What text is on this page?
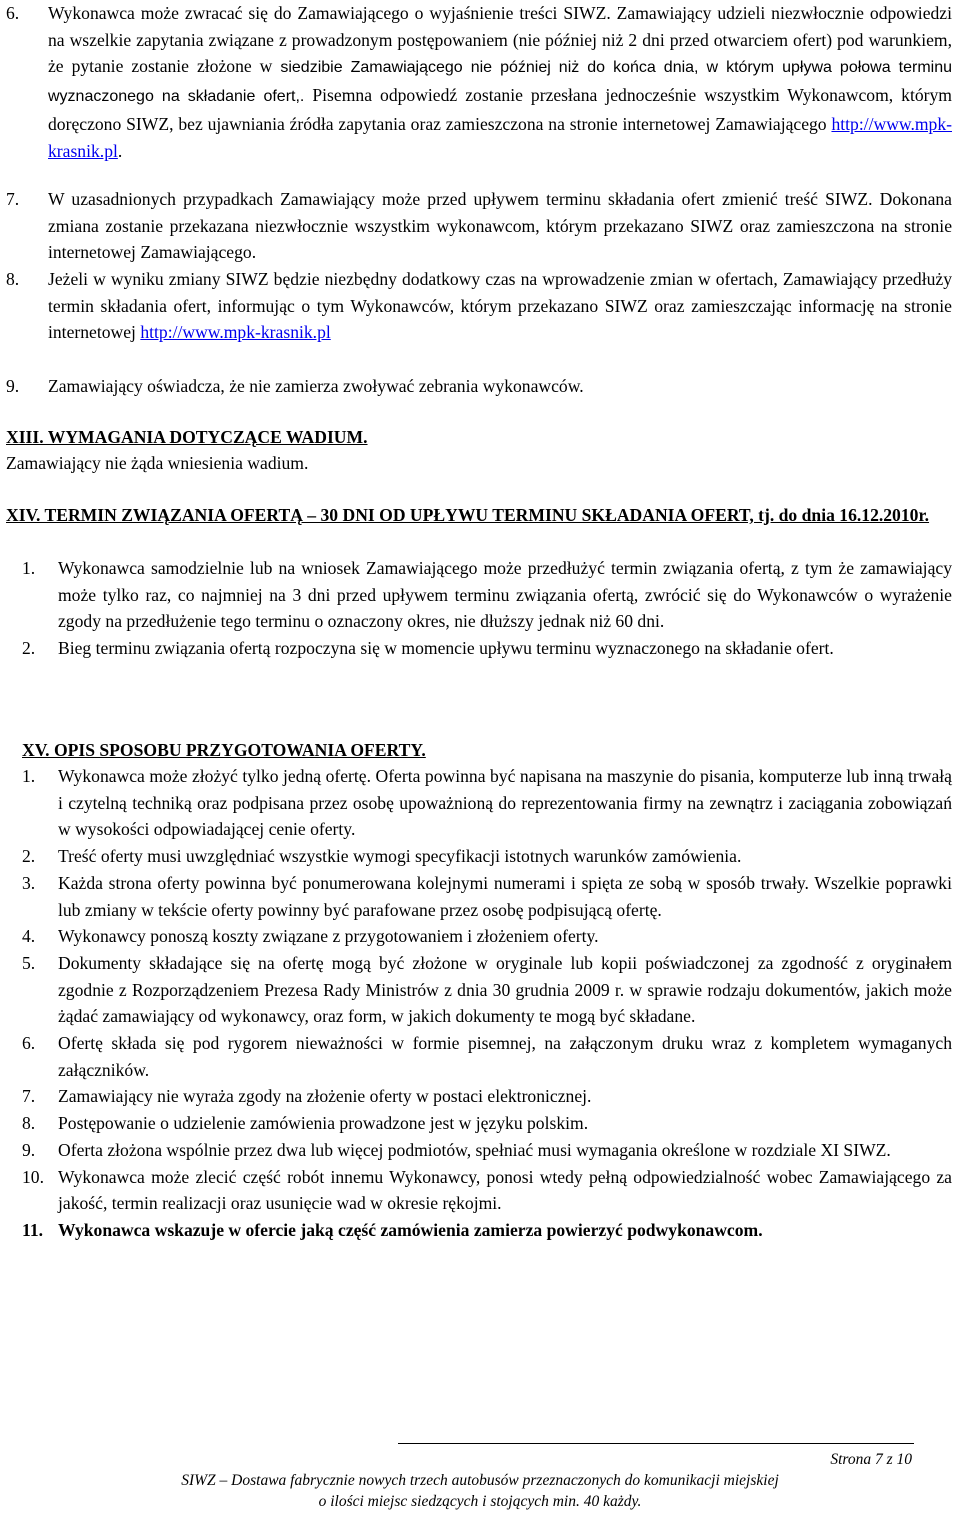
6.	Wykonawca może zwracać się do Zamawiającego o wyjaśnienie treści SIWZ. Zamawiający udzieli niezwłocznie odpowiedzi na wszelkie zapytania związane z prowadzonym postępowaniem (nie później niż 2 dni przed otwarciem ofert) pod warunkiem, że pytanie zostanie złożone w siedzibie Zamawiającego nie później niż do końca dnia, w którym upływa połowa terminu wyznaczonego na składanie ofert,. Pisemna odpowiedź zostanie przesłana jednocześnie wszystkim Wykonawcom, którym doręczono SIWZ, bez ujawniania źródła zapytania oraz zamieszczona na stronie internetowej Zamawiającego http://www.mpk-krasnik.pl.
7.	W uzasadnionych przypadkach Zamawiający może przed upływem terminu składania ofert zmienić treść SIWZ. Dokonana zmiana zostanie przekazana niezwłocznie wszystkim wykonawcom, którym przekazano SIWZ oraz zamieszczona na stronie internetowej Zamawiającego.
8.	Jeżeli w wyniku zmiany SIWZ będzie niezbędny dodatkowy czas na wprowadzenie zmian w ofertach, Zamawiający przedłuży termin składania ofert, informując o tym Wykonawców, którym przekazano SIWZ oraz zamieszczając informację na stronie internetowej http://www.mpk-krasnik.pl
9.	Zamawiający oświadcza, że nie zamierza zwoływać zebrania wykonawców.
XIII. WYMAGANIA DOTYCZĄCE WADIUM.
Zamawiający nie żąda wniesienia wadium.
XIV. TERMIN ZWIĄZANIA OFERTĄ – 30 DNI OD UPŁYWU TERMINU SKŁADANIA OFERT, tj. do dnia 16.12.2010r.
1.	Wykonawca samodzielnie lub na wniosek Zamawiającego może przedłużyć termin związania ofertą, z tym że zamawiający może tylko raz, co najmniej na 3 dni przed upływem terminu związania ofertą, zwrócić się do Wykonawców o wyrażenie zgody na przedłużenie tego terminu o oznaczony okres, nie dłuższy jednak niż 60 dni.
2.	Bieg terminu związania ofertą rozpoczyna się w momencie upływu terminu wyznaczonego na składanie ofert.
XV. OPIS SPOSOBU PRZYGOTOWANIA OFERTY.
1.	Wykonawca może złożyć tylko jedną ofertę. Oferta powinna być napisana na maszynie do pisania, komputerze lub inną trwałą i czytelną techniką oraz podpisana przez osobę upoważnioną do reprezentowania firmy na zewnątrz i zaciągania zobowiązań w wysokości odpowiadającej cenie oferty.
2.	Treść oferty musi uwzględniać wszystkie wymogi specyfikacji istotnych warunków zamówienia.
3.	Każda strona oferty powinna być ponumerowana kolejnymi numerami i spięta ze sobą w sposób trwały. Wszelkie poprawki lub zmiany w tekście oferty powinny być parafowane przez osobę podpisującą ofertę.
4.	Wykonawcy ponoszą koszty związane z przygotowaniem i złożeniem oferty.
5.	Dokumenty składające się na ofertę mogą być złożone w oryginale lub kopii poświadczonej za zgodność z oryginałem zgodnie z Rozporządzeniem Prezesa Rady Ministrów z dnia 30 grudnia 2009 r. w sprawie rodzaju dokumentów, jakich może żądać zamawiający od wykonawcy, oraz form, w jakich dokumenty te mogą być składane.
6.	Ofertę składa się pod rygorem nieważności w formie pisemnej, na załączonym druku wraz z kompletem wymaganych załączników.
7.	Zamawiający nie wyraża zgody na złożenie oferty w postaci elektronicznej.
8.	Postępowanie o udzielenie zamówienia prowadzone jest w języku polskim.
9.	Oferta złożona wspólnie przez dwa lub więcej podmiotów, spełniać musi wymagania określone w rozdziale XI SIWZ.
10. Wykonawca może zlecić część robót innemu Wykonawcy, ponosi wtedy pełną odpowiedzialność wobec Zamawiającego za jakość, termin realizacji oraz usunięcie wad w okresie rękojmi.
11. Wykonawca wskazuje w ofercie jaką część zamówienia zamierza powierzyć podwykonawcom.
Strona 7 z 10
SIWZ – Dostawa fabrycznie nowych trzech autobusów przeznaczonych do komunikacji miejskiej
o ilości miejsc siedzących i stojących min. 40 każdy.
